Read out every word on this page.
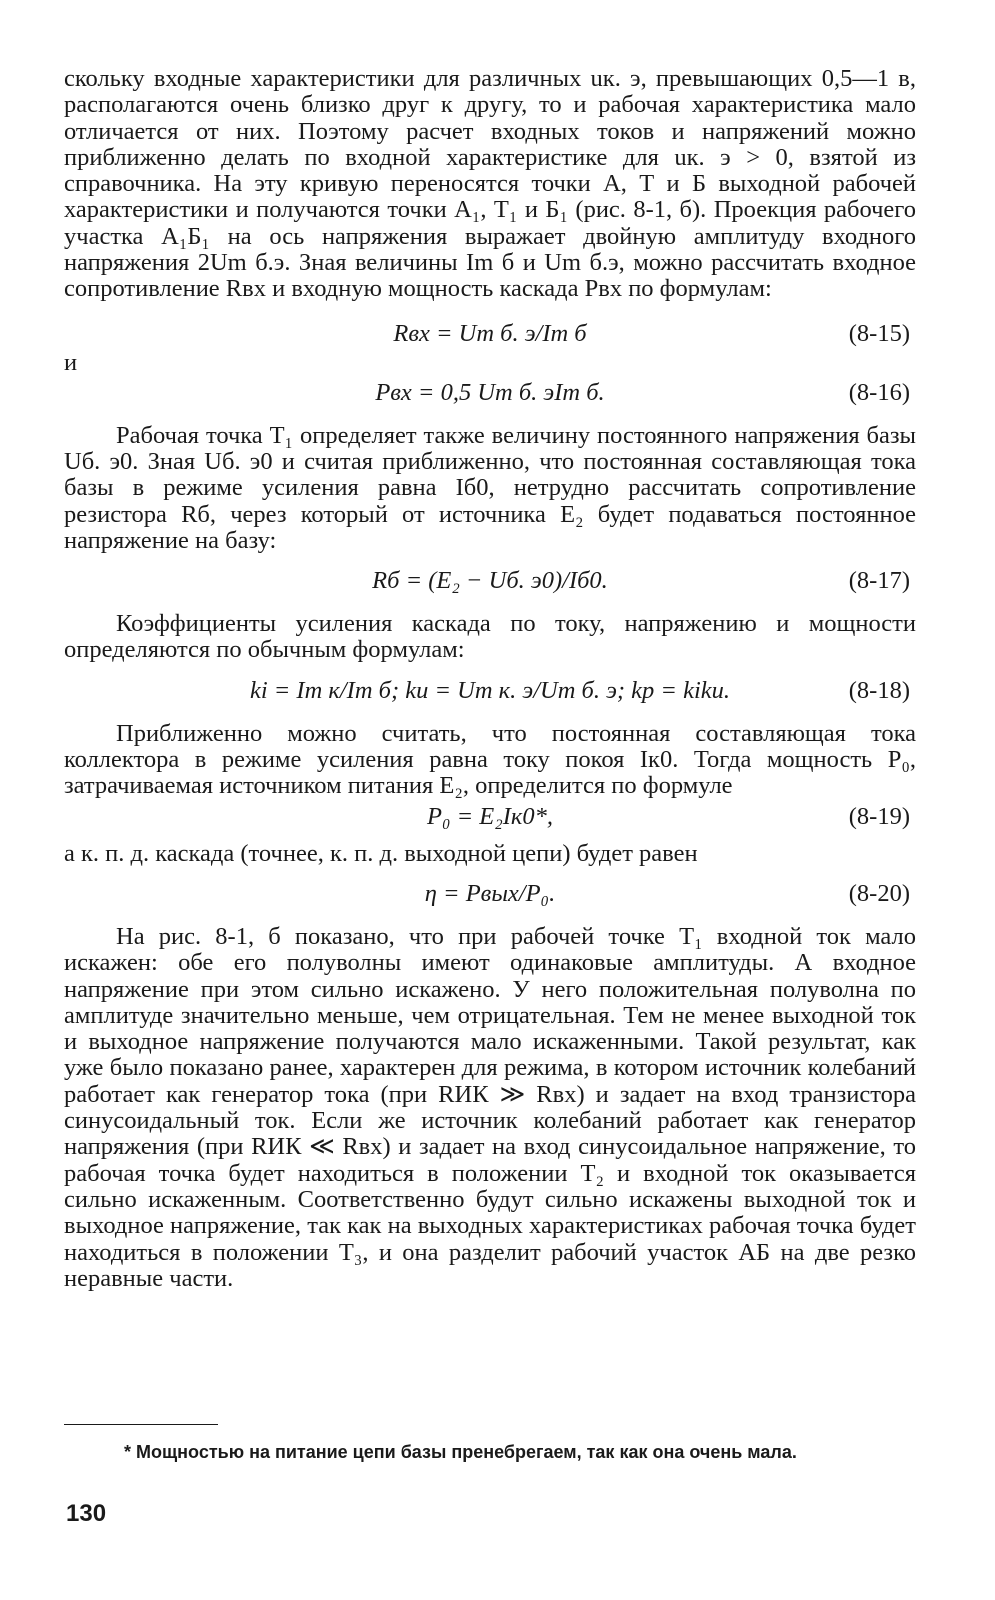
скольку входные характеристики для различных uк. э, превышающих 0,5—1 в, располагаются очень близко друг к другу, то и рабочая характеристика мало отличается от них. Поэтому расчет входных токов и напряжений можно приближенно делать по входной характеристике для uк. э > 0, взятой из справочника. На эту кривую переносятся точки А, Т и Б выходной рабочей характеристики и получаются точки А₁, Т₁ и Б₁ (рис. 8-1, б). Проекция рабочего участка А₁Б₁ на ось напряжения выражает двойную амплитуду входного напряжения 2Um б.э. Зная величины Im б и Um б.э, можно рассчитать входное сопротивление Rвх и входную мощность каскада Pвх по формулам:

Rвх = Um б. э/Im б	(8-15)
и
Pвх = 0,5 Um б. эIm б.	(8-16)

Рабочая точка Т₁ определяет также величину постоянного напряжения базы Uб. э0. Зная Uб. э0 и считая приближенно, что постоянная составляющая тока базы в режиме усиления равна Iб0, нетрудно рассчитать сопротивление резистора Rб, через который от источника E₂ будет подаваться постоянное напряжение на базу:

Rб = (E₂ − Uб. э0)/Iб0.	(8-17)

Коэффициенты усиления каскада по току, напряжению и мощности определяются по обычным формулам:

ki = Im к/Im б; ku = Um к. э/Um б. э; kp = kiku.	(8-18)

Приближенно можно считать, что постоянная составляющая тока коллектора в режиме усиления равна току покоя Iк0. Тогда мощность P₀, затрачиваемая источником питания E₂, определится по формуле

P₀ = E₂Iк0*,	(8-19)

а к. п. д. каскада (точнее, к. п. д. выходной цепи) будет равен

η = Pвых/P₀.	(8-20)

На рис. 8-1, б показано, что при рабочей точке Т₁ входной ток мало искажен: обе его полуволны имеют одинаковые амплитуды. А входное напряжение при этом сильно искажено. У него положительная полуволна по амплитуде значительно меньше, чем отрицательная. Тем не менее выходной ток и выходное напряжение получаются мало искаженными. Такой результат, как уже было показано ранее, характерен для режима, в котором источник колебаний работает как генератор тока (при RИК ≫ Rвх) и задает на вход транзистора синусоидальный ток. Если же источник колебаний работает как генератор напряжения (при RИК ≪ Rвх) и задает на вход синусоидальное напряжение, то рабочая точка будет находиться в положении Т₂ и входной ток оказывается сильно искаженным. Соответственно будут сильно искажены выходной ток и выходное напряжение, так как на выходных характеристиках рабочая точка будет находиться в положении Т₃, и она разделит рабочий участок АБ на две резко неравные части.

* Мощностью на питание цепи базы пренебрегаем, так как она очень мала.
130
